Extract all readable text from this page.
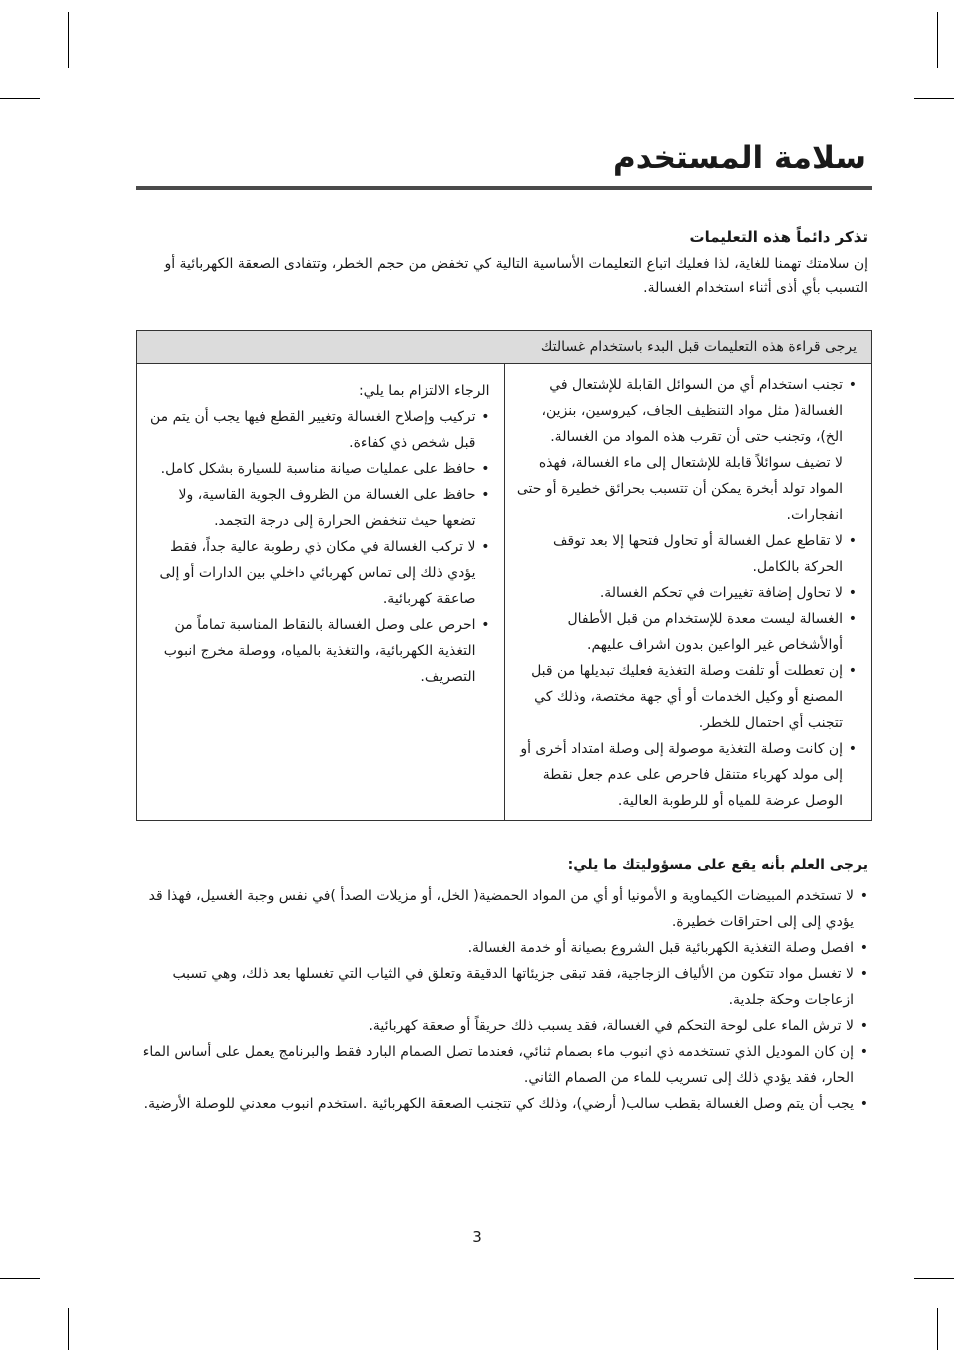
سلامة المستخدم
تذكر دائماً هذه التعليمات

إن سلامتك تهمنا للغاية، لذا فعليك اتباع التعليمات الأساسية التالية كي تخفض من حجم الخطر، وتتفادى الصعقة الكهربائية أو التسبب بأي أذى أثناء استخدام الغسالة.

يرجى قراءة هذه التعليمات قبل البدء باستخدام غسالتك

• تجنب استخدام أي من السوائل القابلة للإشتعال في الغسالة( مثل مواد التنظيف الجاف، كيروسين، بنزين، الخ)، وتجنب حتى أن تقرب هذه المواد من الغسالة.
لا تضيف سوائلاً قابلة للإشتعال إلى ماء الغسالة، فهذه المواد تولد أبخرة يمكن أن تتسبب بحرائق خطيرة أو حتى انفجارات.
• لا تقاطع عمل الغسالة أو تحاول فتحها إلا بعد توقف الحركة بالكامل.
• لا تحاول إضافة تغييرات في تحكم الغسالة.
• الغسالة ليست معدة للإستخدام من قبل الأطفال أوالأشخاص غير الواعين بدون اشراف عليهم.
• إن تعطلت أو تلفت وصلة التغذية فعليك تبديلها من قبل المصنع أو وكيل الخدمات أو أي جهة مختصة، وذلك كي تتجنب أي احتمال للخطر.
• إن كانت وصلة التغذية موصولة إلى وصلة امتداد أخرى أو إلى مولد كهرباء متنقل فاحرص على عدم جعل نقطة الوصل عرضة للمياه أو للرطوبة العالية.

الرجاء الالتزام بما يلي:
• تركيب وإصلاح الغسالة وتغيير القطع فيها يجب أن يتم من قبل شخص ذي كفاءة.
• حافظ على عمليات صيانة مناسبة للسيارة بشكل كامل.
• حافظ على الغسالة من الظروف الجوية القاسية، ولا تضعها حيث تنخفض الحرارة إلى درجة التجمد.
• لا تركب الغسالة في مكان ذي رطوبة عالية جداً، فقط يؤدي ذلك إلى تماس كهربائي داخلي بين الدارات أو إلى صاعقة كهربائية.
• احرص على وصل الغسالة بالنقاط المناسبة تماماً من التغذية الكهربائية، والتغذية بالمياه، ووصلة مخرج انبوب التصريف.
يرجى العلم بأنه يقع على مسؤوليتك ما يلي:
• لا تستخدم المبيضات الكيماوية و الأمونيا أو أي من المواد الحمضية( الخل، أو مزيلات الصدأ )في نفس وجبة الغسيل، فهذا قد يؤدي إلى إلى احتراقات خطيرة.
• افصل وصلة التغذية الكهربائية قبل الشروع بصيانة أو خدمة الغسالة.
• لا تغسل مواد تتكون من الألياف الزجاجية، فقد تبقى جزيئاتها الدقيقة وتعلق في الثياب التي تغسلها بعد ذلك، وهي تسبب ازعاجات وحكة جلدية.
• لا ترش الماء على لوحة التحكم في الغسالة، فقد يسبب ذلك حريقاً أو صعقة كهربائية.
• إن كان الموديل الذي تستخدمه ذي انبوب ماء بصمام ثنائي، فعندما تصل الصمام البارد فقط والبرنامج يعمل على أساس الماء الحار، فقد يؤدي ذلك إلى تسريب للماء من الصمام الثاني.
• يجب أن يتم وصل الغسالة بقطب سالب( أرضي)، وذلك كي تتجنب الصعقة الكهربائية .استخدم انبوب معدني للوصلة الأرضية.
3
